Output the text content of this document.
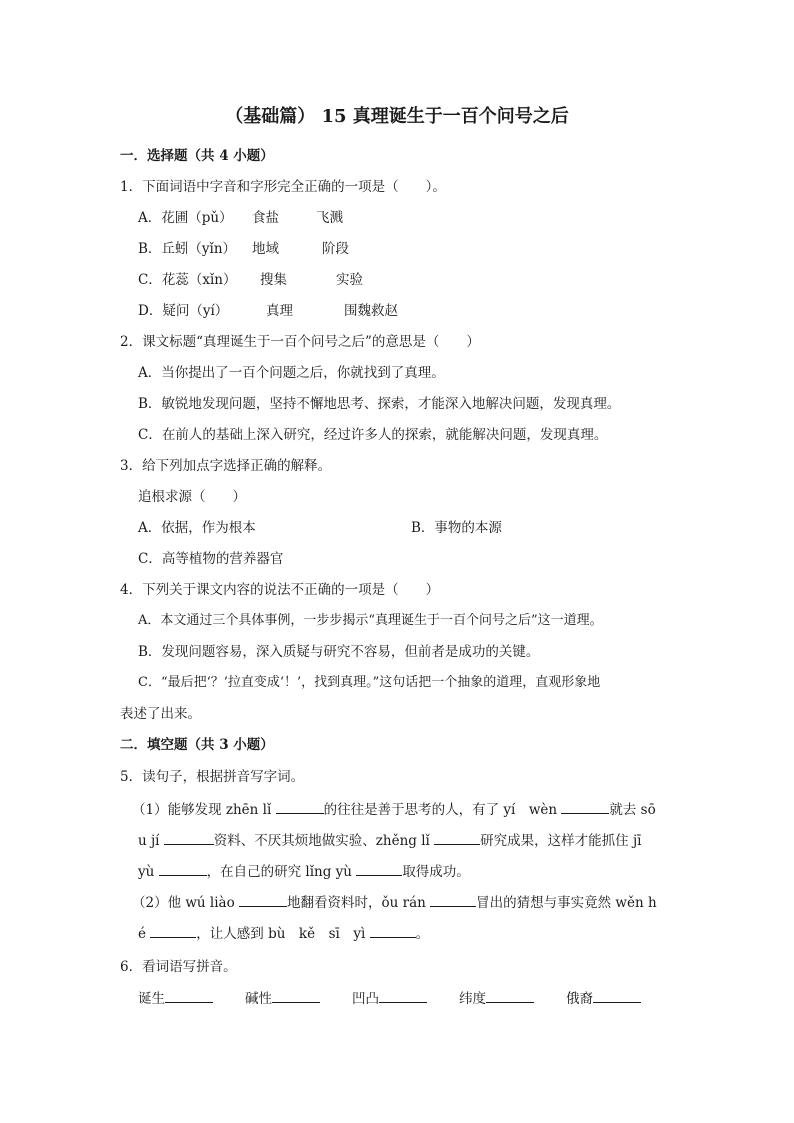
（基础篇） 15 真理诞生于一百个问号之后
一．选择题（共 4 小题）
1．下面词语中字音和字形完全正确的一项是（　　）。
A．花圃（pǔ） 食盐	飞溅
B．丘蚓（yǐn） 地域	阶段
C．花蕊（xǐn） 搜集	实验
D．疑问（yí）	真理	围魏救赵
2．课文标题“真理诞生于一百个问号之后”的意思是（　　）
A．当你提出了一百个问题之后，你就找到了真理。
B．敏锐地发现问题，坚持不懈地思考、探索，才能深入地解决问题，发现真理。
C．在前人的基础上深入研究，经过许多人的探索，就能解决问题，发现真理。
3．给下列加点字选择正确的解释。
追根求源（　　）
A．依据，作为根本	B．事物的本源
C．高等植物的营养器官
4．下列关于课文内容的说法不正确的一项是（　　）
A．本文通过三个具体事例，一步步揭示“真理诞生于一百个问号之后”这一道理。
B．发现问题容易，深入质疑与研究不容易，但前者是成功的关键。
C．“最后把‘？’拉直变成‘！’，找到真理。”这句话把一个抽象的道理，直观形象地
表述了出来。
二．填空题（共 3 小题）
5．读句子，根据拼音写字词。
（1）能够发现 zhēn lǐ	的往往是善于思考的人，有了 yí　wèn	就去 sō
u jí	资料、不厌其烦地做实验、zhěng lǐ	研究成果，这样才能抓住 jī
yù	，在自己的研究 lǐng yù	取得成功。
（2）他 wú liào	地翻看资料时，ǒu rán	冒出的猜想与事实竟然 wěn h
é	，让人感到 bù　kě　sī　yì	。
6．看词语写拼音。
诞生	碱性	凹凸	纬度	俄裔
